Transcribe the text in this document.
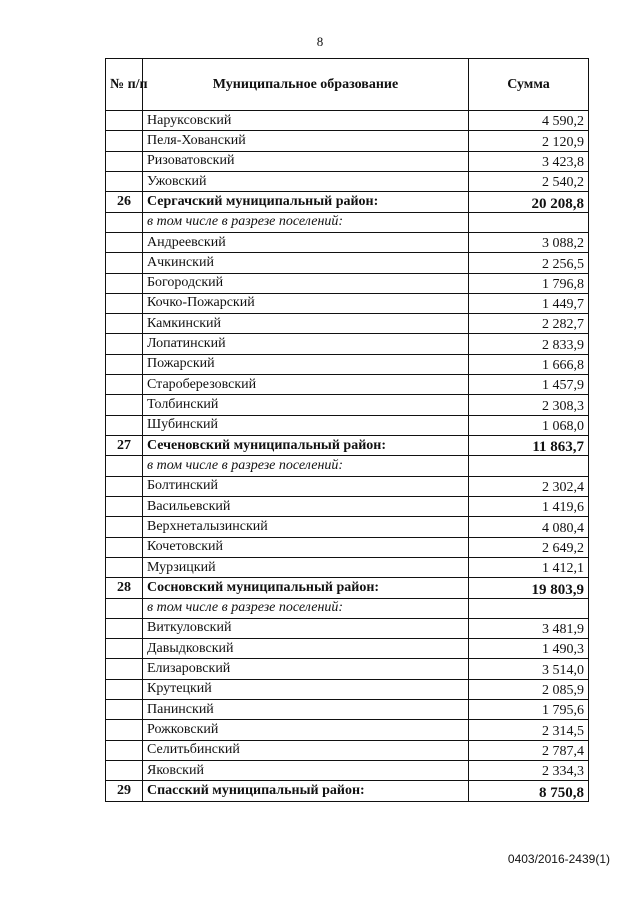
8
№ п/п	Муниципальное образование	Сумма
	Наруксовский	4 590,2
	Пеля-Хованский	2 120,9
	Ризоватовский	3 423,8
	Ужовский	2 540,2
26	Сергачский муниципальный район:	20 208,8
	в том числе в разрезе поселений:	
	Андреевский	3 088,2
	Ачкинский	2 256,5
	Богородский	1 796,8
	Кочко-Пожарский	1 449,7
	Камкинский	2 282,7
	Лопатинский	2 833,9
	Пожарский	1 666,8
	Староберезовский	1 457,9
	Толбинский	2 308,3
	Шубинский	1 068,0
27	Сеченовский муниципальный район:	11 863,7
	в том числе в разрезе поселений:	
	Болтинский	2 302,4
	Васильевский	1 419,6
	Верхнеталызинский	4 080,4
	Кочетовский	2 649,2
	Мурзицкий	1 412,1
28	Сосновский муниципальный район:	19 803,9
	в том числе в разрезе поселений:	
	Виткуловский	3 481,9
	Давыдковский	1 490,3
	Елизаровский	3 514,0
	Крутецкий	2 085,9
	Панинский	1 795,6
	Рожковский	2 314,5
	Селитьбинский	2 787,4
	Яковский	2 334,3
29	Спасский муниципальный район:	8 750,8
0403/2016-2439(1)
